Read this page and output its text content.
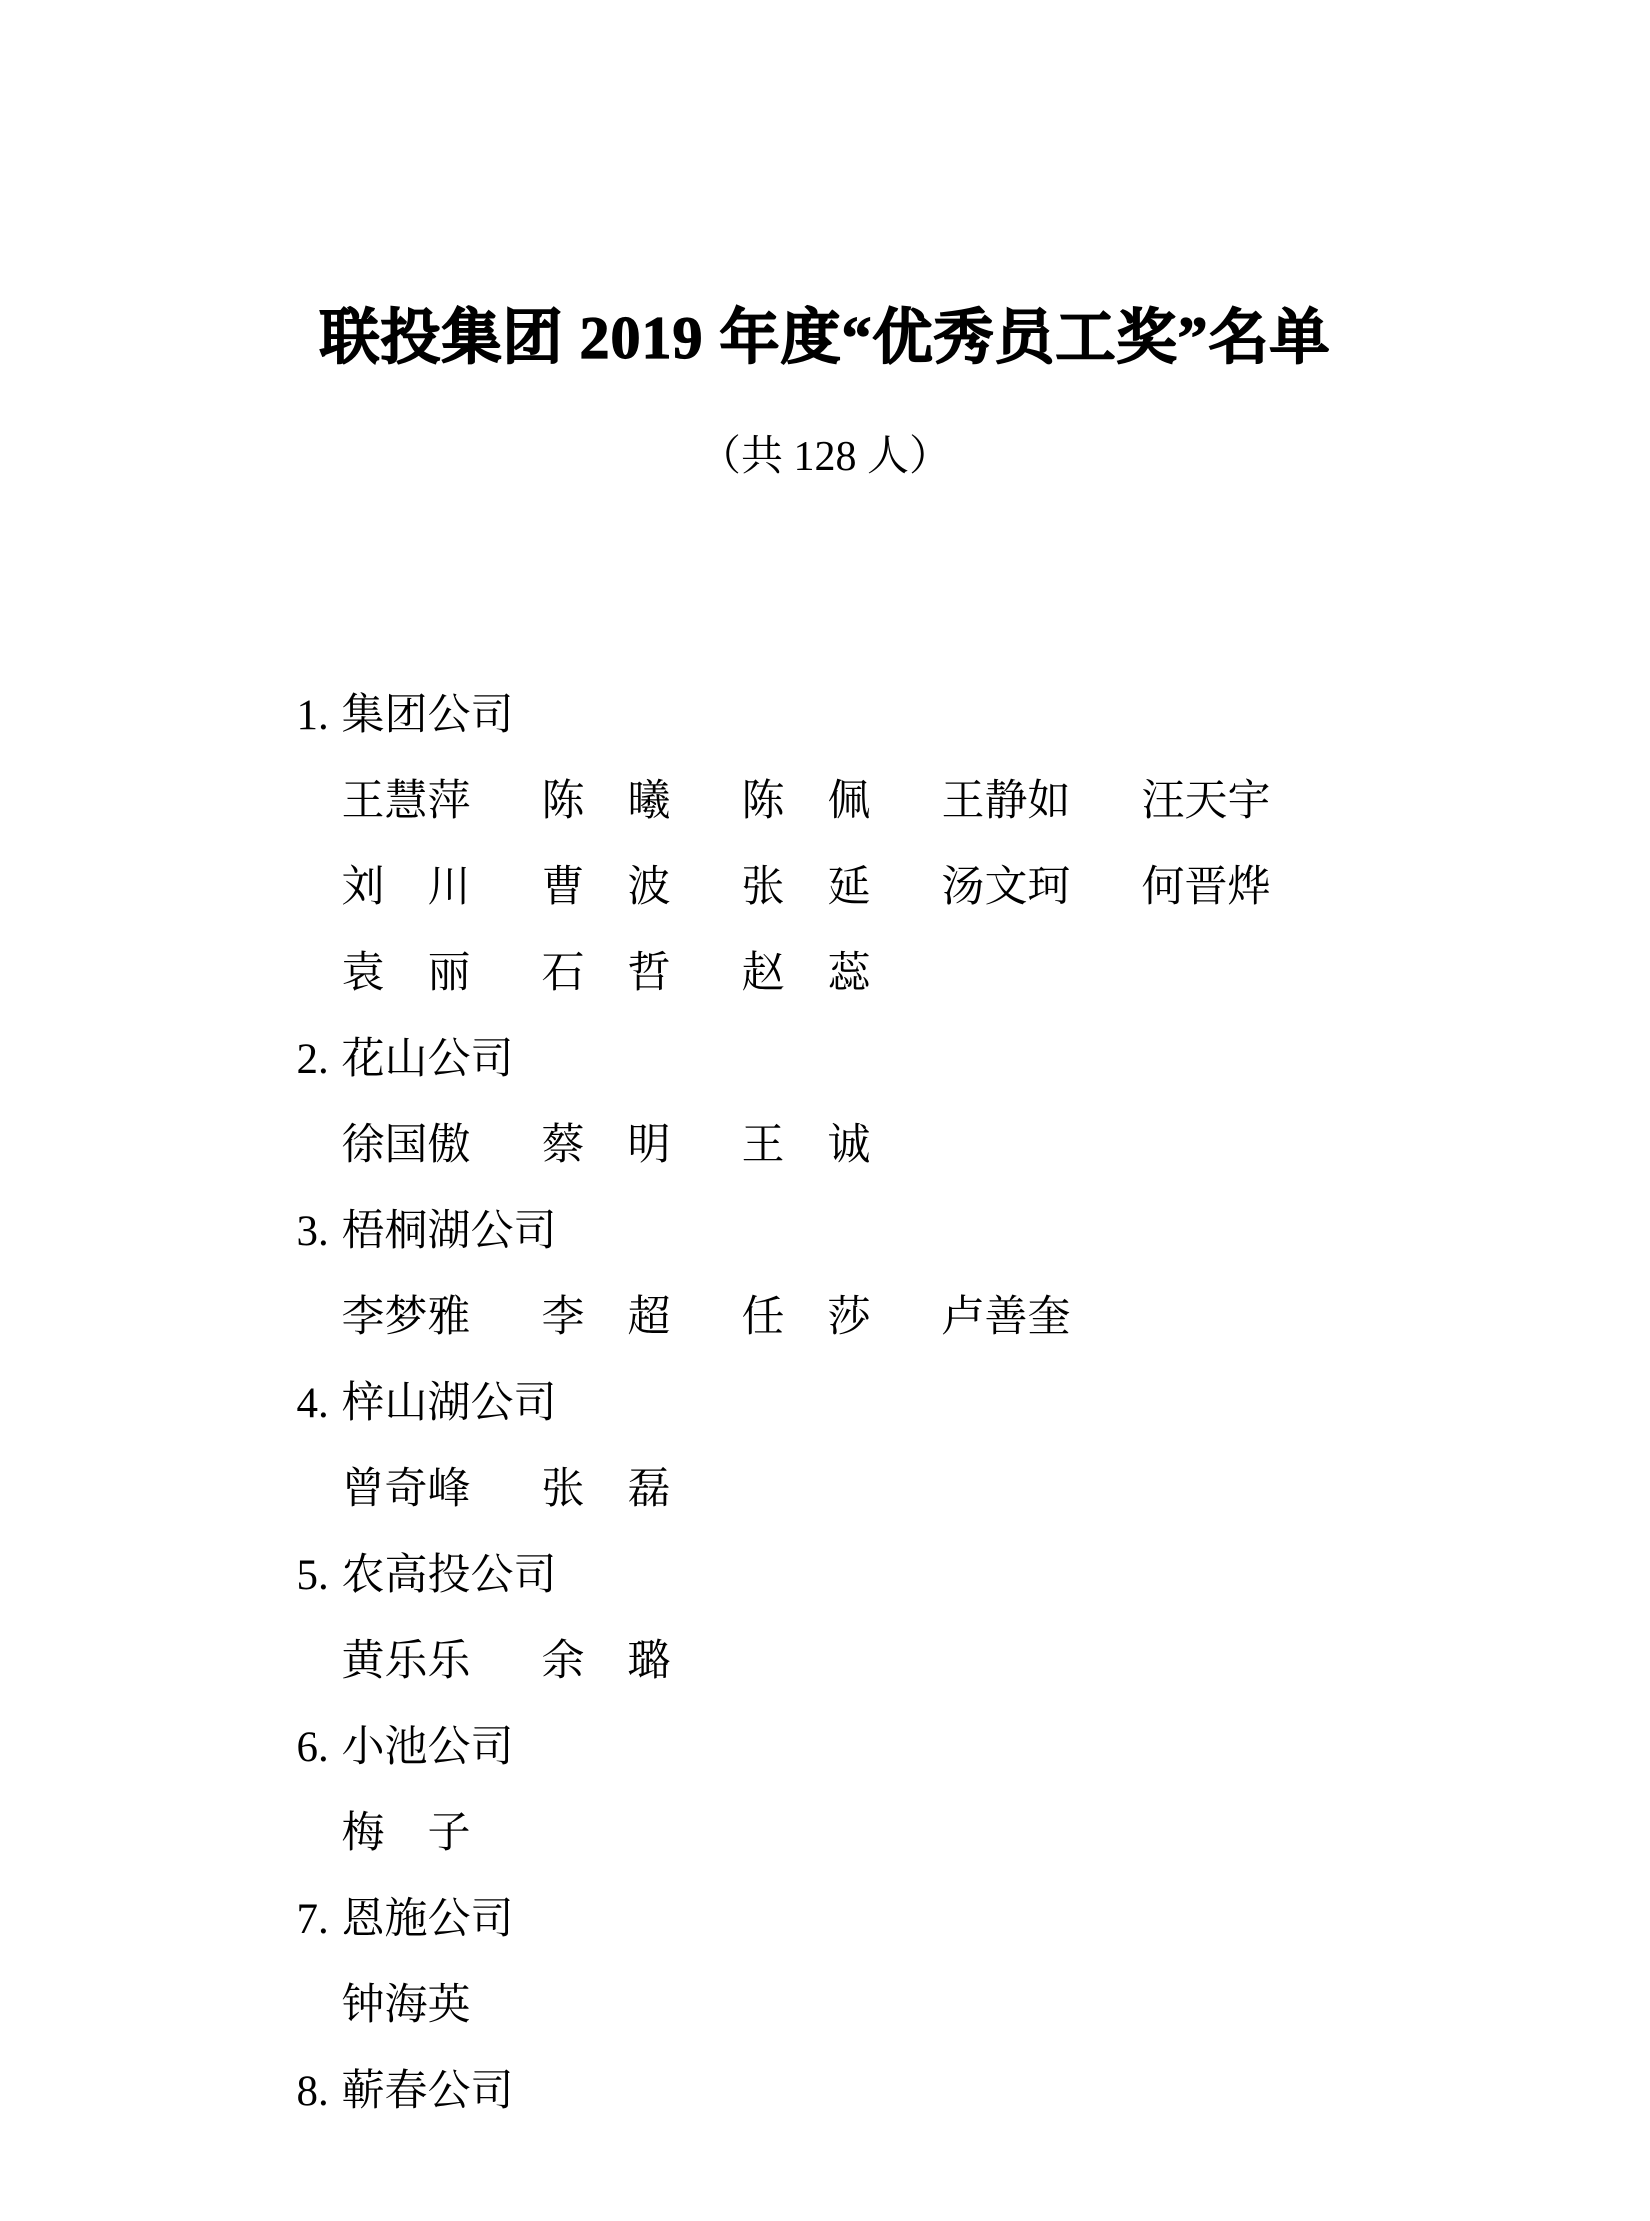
联投集团 2019 年度“优秀员工奖”名单
（共 128 人）

1. 集团公司

王慧萍 陈　曦 陈　佩 王静如 汪天宇

刘　川 曹　波 张　延 汤文珂 何晋烨

袁　丽 石　哲 赵　蕊

2. 花山公司

徐国傲 蔡　明 王　诚

3. 梧桐湖公司

李梦雅 李　超 任　莎 卢善奎

4. 梓山湖公司

曾奇峰 张　磊

5. 农高投公司

黄乐乐 余　璐

6. 小池公司

梅　子

7. 恩施公司

钟海英

8. 蕲春公司
